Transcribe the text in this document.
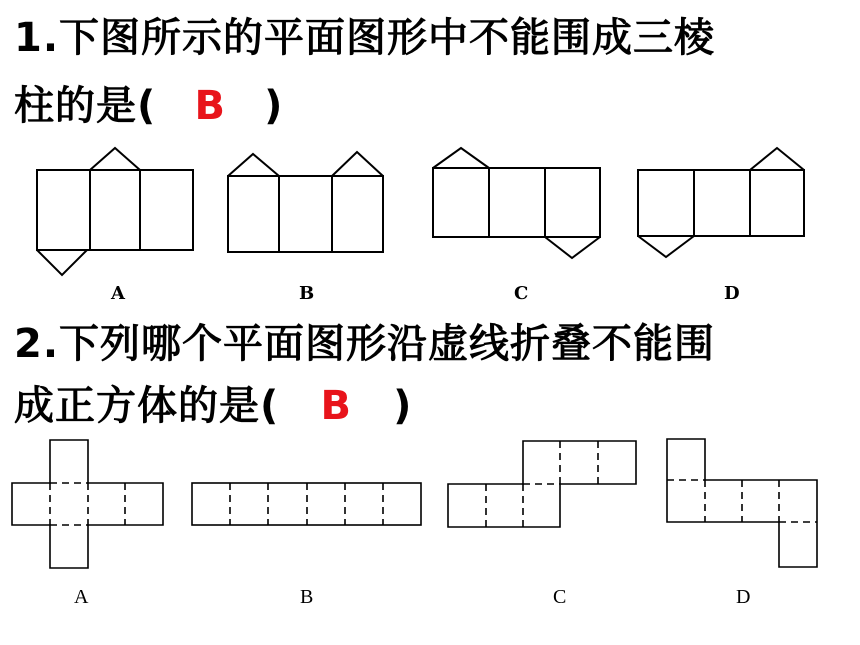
1.下图所示的平面图形中不能围成三棱
柱的是( B )
A	B	C	D
2.下列哪个平面图形沿虚线折叠不能围
成正方体的是( B )
A	B	C	D
